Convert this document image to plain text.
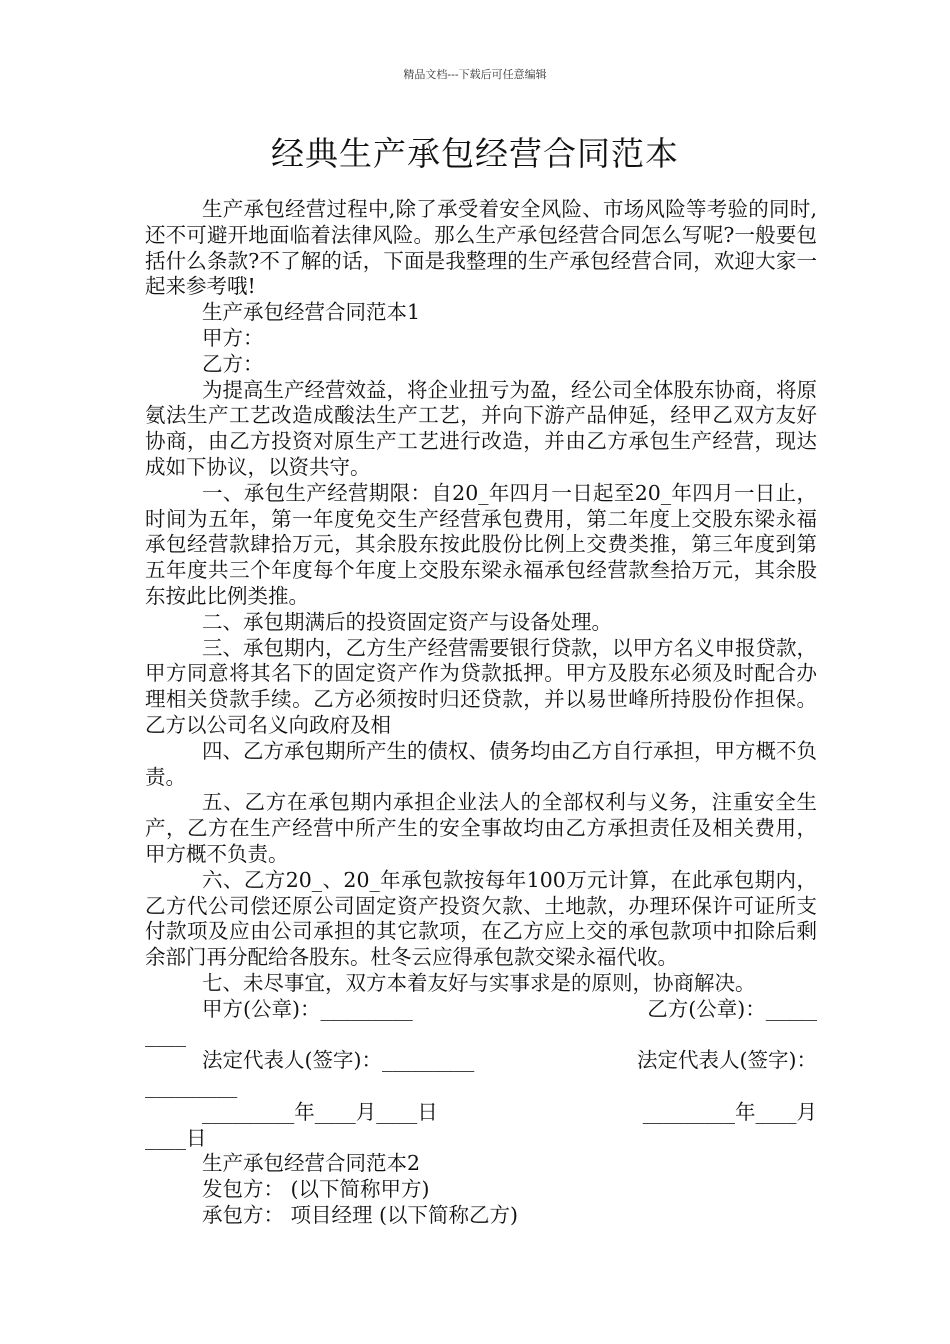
精品文档---下载后可任意编辑
经典生产承包经营合同范本

生产承包经营过程中,除了承受着安全风险、市场风险等考验的同时,还不可避开地面临着法律风险。那么生产承包经营合同怎么写呢?一般要包括什么条款?不了解的话，下面是我整理的生产承包经营合同，欢迎大家一起来参考哦!

生产承包经营合同范本1

甲方：

乙方：

为提高生产经营效益，将企业扭亏为盈，经公司全体股东协商，将原氨法生产工艺改造成酸法生产工艺，并向下游产品伸延，经甲乙双方友好协商，由乙方投资对原生产工艺进行改造，并由乙方承包生产经营，现达成如下协议，以资共守。

一、承包生产经营期限：自20_年四月一日起至20_年四月一日止，时间为五年，第一年度免交生产经营承包费用，第二年度上交股东梁永福承包经营款肆拾万元，其余股东按此股份比例上交费类推，第三年度到第五年度共三个年度每个年度上交股东梁永福承包经营款叁拾万元，其余股东按此比例类推。

二、承包期满后的投资固定资产与设备处理。

三、承包期内，乙方生产经营需要银行贷款，以甲方名义申报贷款，甲方同意将其名下的固定资产作为贷款抵押。甲方及股东必须及时配合办理相关贷款手续。乙方必须按时归还贷款，并以易世峰所持股份作担保。乙方以公司名义向政府及相

四、乙方承包期所产生的债权、债务均由乙方自行承担，甲方概不负责。

五、乙方在承包期内承担企业法人的全部权利与义务，注重安全生产，乙方在生产经营中所产生的安全事故均由乙方承担责任及相关费用，甲方概不负责。

六、乙方20_、20_年承包款按每年100万元计算，在此承包期内，乙方代公司偿还原公司固定资产投资欠款、土地款，办理环保许可证所支付款项及应由公司承担的其它款项，在乙方应上交的承包款项中扣除后剩余部门再分配给各股东。杜冬云应得承包款交梁永福代收。

七、未尽事宜，双方本着友好与实事求是的原则，协商解决。

甲方(公章)：_________	乙方(公章)：_____
____
法定代表人(签字)：_________	法定代表人(签字)：
_________
_________年____月____日	_________年____月
____日

生产承包经营合同范本2

发包方： (以下简称甲方)

承包方： 项目经理 (以下简称乙方)
